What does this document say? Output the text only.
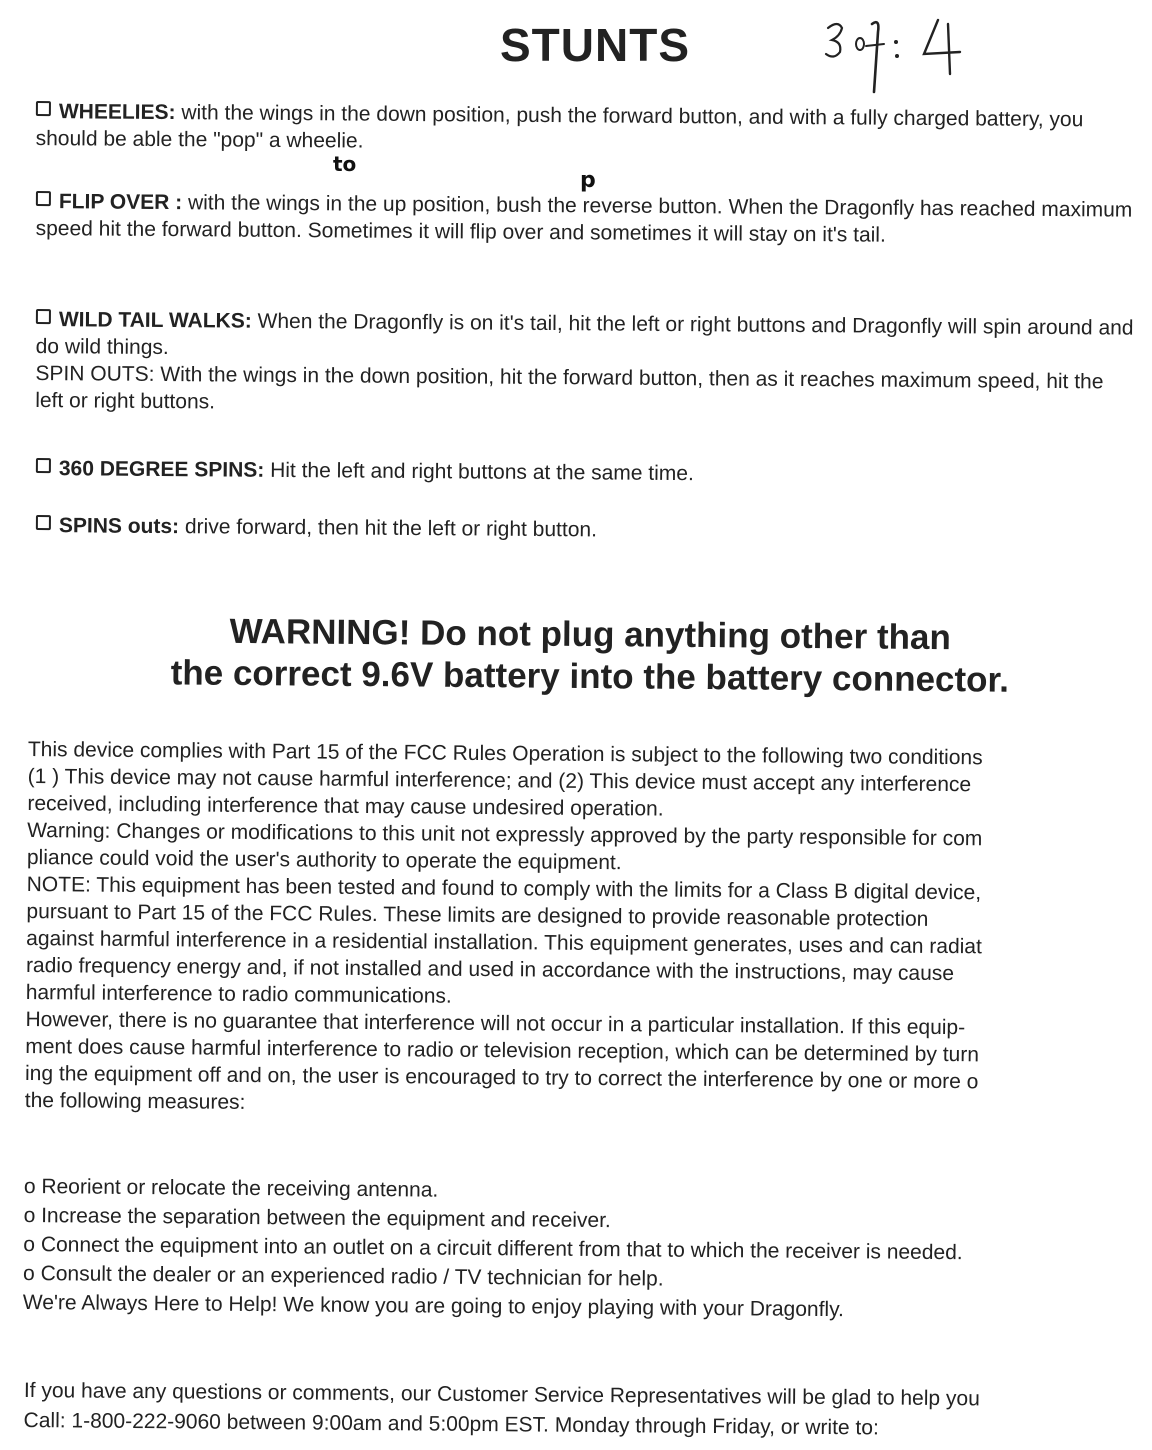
STUNTS
WHEELIES: with the wings in the down position, push the forward button, and with a fully charged battery, you should be able the "pop" a wheelie.
to
p
FLIP OVER : with the wings in the up position, bush the reverse button. When the Dragonfly has reached maximum speed hit the forward button. Sometimes it will flip over and sometimes it will stay on it's tail.
WILD TAIL WALKS: When the Dragonfly is on it's tail, hit the left or right buttons and Dragonfly will spin around and do wild things.
SPIN OUTS: With the wings in the down position, hit the forward button, then as it reaches maximum speed, hit the left or right buttons.
360 DEGREE SPINS: Hit the left and right buttons at the same time.
SPINS outs: drive forward, then hit the left or right button.
WARNING! Do not plug anything other than
the correct 9.6V battery into the battery connector.

This device complies with Part 15 of the FCC Rules Operation is subject to the following two conditions

(1 ) This device may not cause harmful interference; and (2) This device must accept any interference

received, including interference that may cause undesired operation.

Warning: Changes or modifications to this unit not expressly approved by the party responsible for com

pliance could void the user's authority to operate the equipment.

NOTE: This equipment has been tested and found to comply with the limits for a Class B digital device,

pursuant to Part 15 of the FCC Rules. These limits are designed to provide reasonable protection

against harmful interference in a residential installation. This equipment generates, uses and can radiat

radio frequency energy and, if not installed and used in accordance with the instructions, may cause

harmful interference to radio communications.

However, there is no guarantee that interference will not occur in a particular installation. If this equip-

ment does cause harmful interference to radio or television reception, which can be determined by turn

ing the equipment off and on, the user is encouraged to try to correct the interference by one or more o

the following measures:

o Reorient or relocate the receiving antenna.
o Increase the separation between the equipment and receiver.
o Connect the equipment into an outlet on a circuit different from that to which the receiver is needed.
o Consult the dealer or an experienced radio / TV technician for help.
We're Always Here to Help! We know you are going to enjoy playing with your Dragonfly.
If you have any questions or comments, our Customer Service Representatives will be glad to help you
Call: 1-800-222-9060 between 9:00am and 5:00pm EST. Monday through Friday, or write to:
